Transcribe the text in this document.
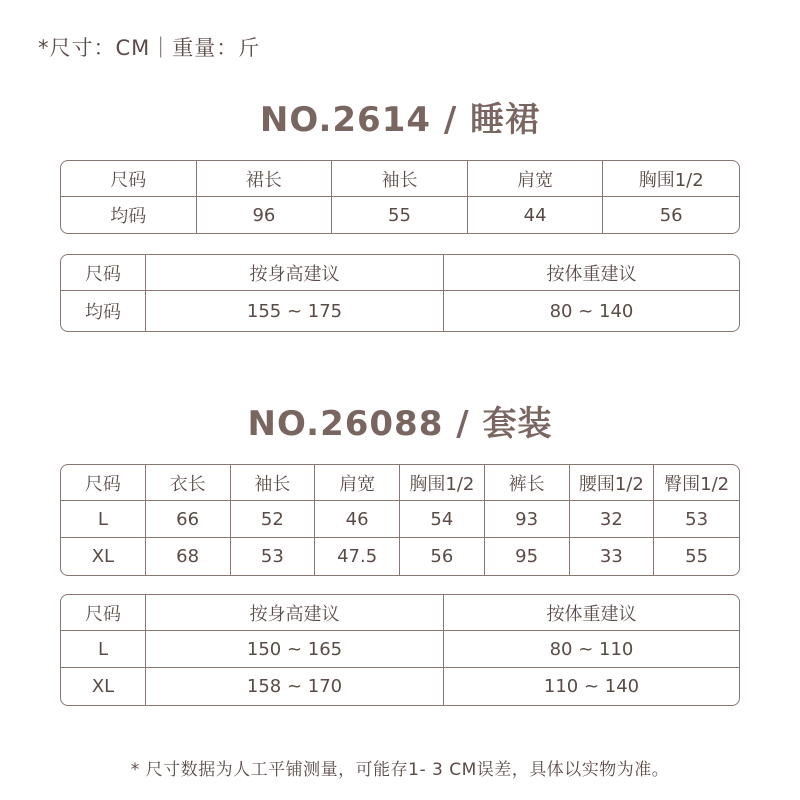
*尺寸：CM｜重量：斤
NO.2614 / 睡裙
尺码	裙长	袖长	肩宽	胸围1/2
均码	96	55	44	56
尺码	按身高建议	按体重建议
均码	155 ~ 175	80 ~ 140
NO.26088 / 套装
尺码	衣长	袖长	肩宽	胸围1/2	裤长	腰围1/2	臀围1/2
L	66	52	46	54	93	32	53
XL	68	53	47.5	56	95	33	55
尺码	按身高建议	按体重建议
L	150 ~ 165	80 ~ 110
XL	158 ~ 170	110 ~ 140
* 尺寸数据为人工平铺测量，可能存1- 3 CM误差，具体以实物为准。
